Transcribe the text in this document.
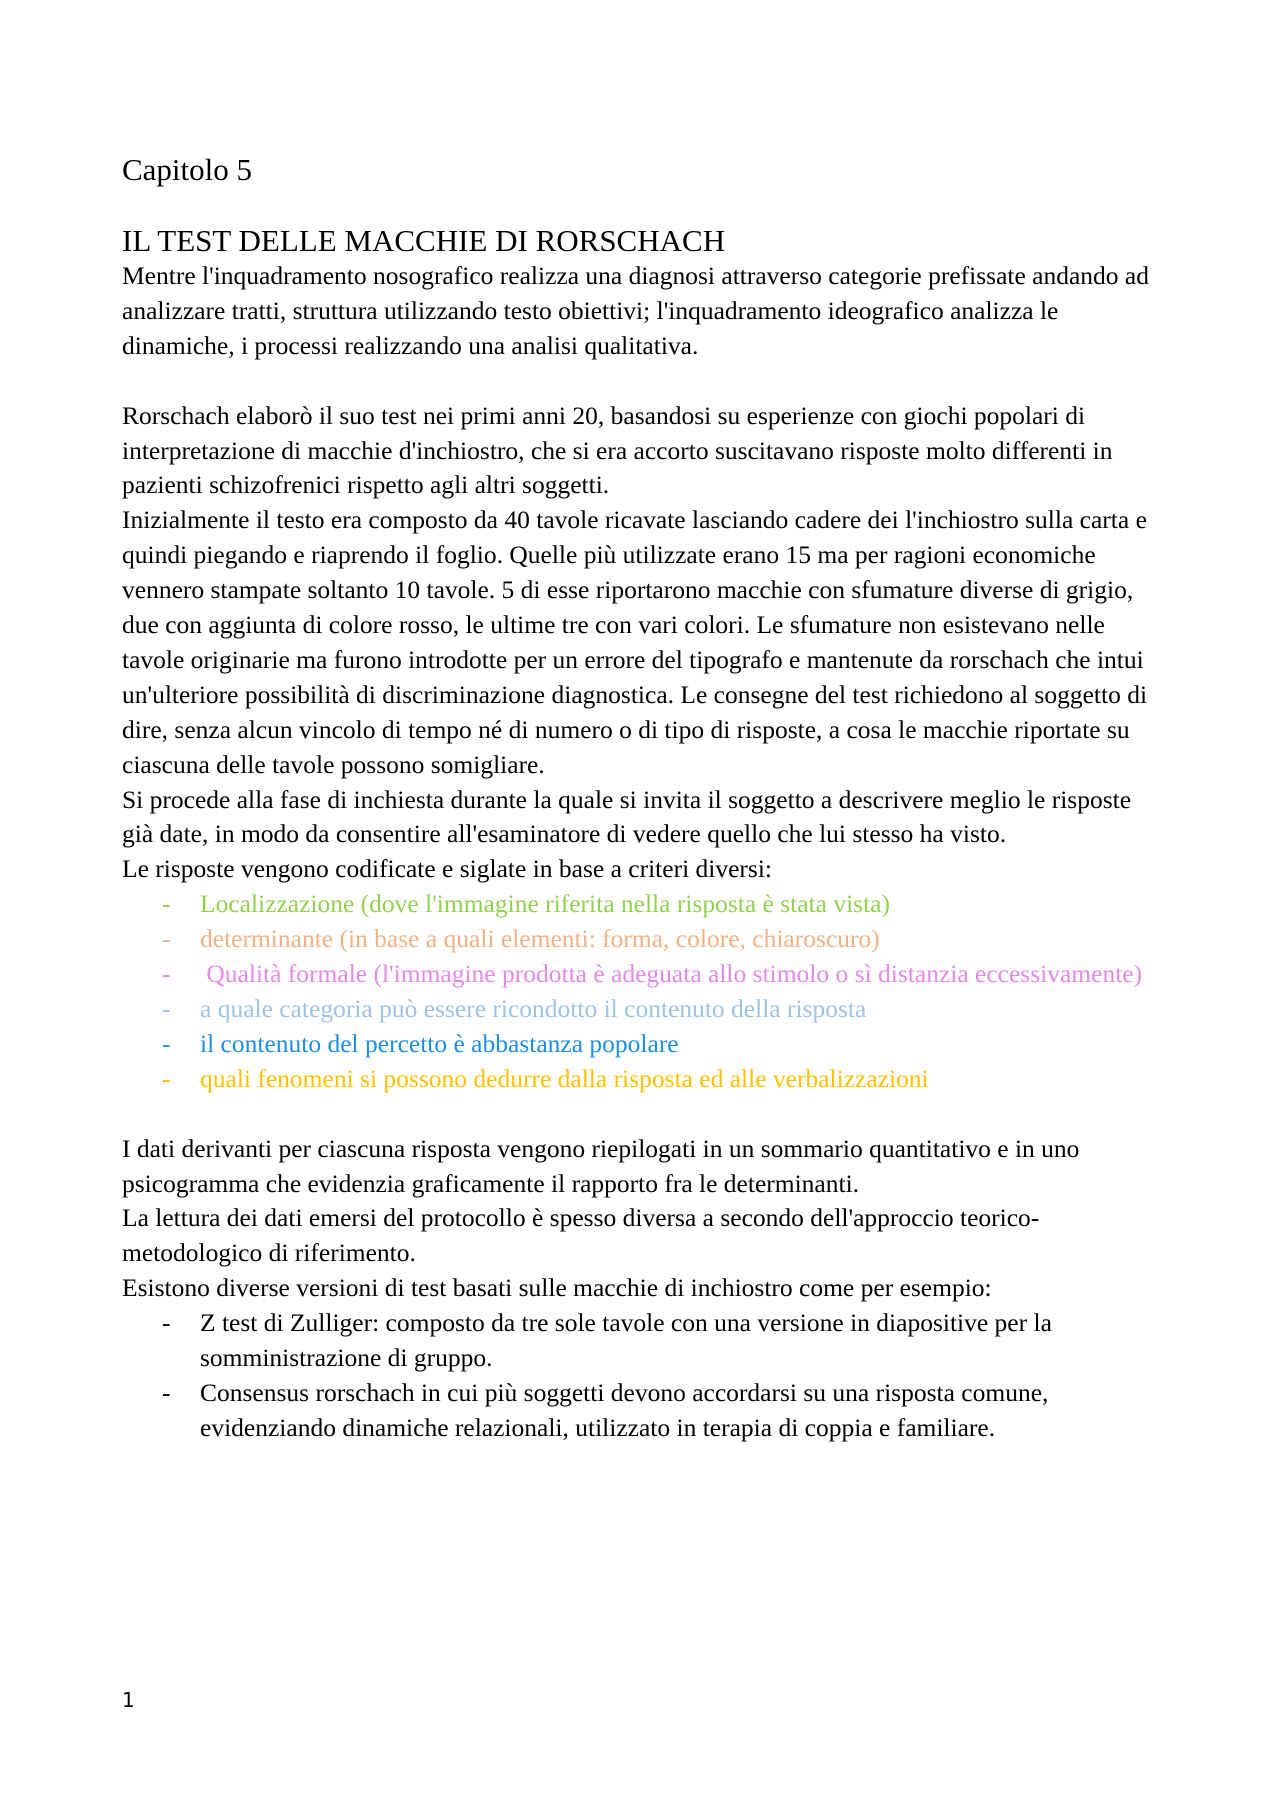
Capitolo 5
IL TEST DELLE MACCHIE DI RORSCHACH

Mentre l'inquadramento nosografico realizza una diagnosi attraverso categorie prefissate andando ad analizzare tratti, struttura utilizzando testo obiettivi; l'inquadramento ideografico analizza le dinamiche, i processi realizzando una analisi qualitativa.

Rorschach elaborò il suo test nei primi anni 20, basandosi su esperienze con giochi popolari di interpretazione di macchie d'inchiostro, che si era accorto suscitavano risposte molto differenti in pazienti schizofrenici rispetto agli altri soggetti.

Inizialmente il testo era composto da 40 tavole ricavate lasciando cadere dei l'inchiostro sulla carta e quindi piegando e riaprendo il foglio. Quelle più utilizzate erano 15 ma per ragioni economiche vennero stampate soltanto 10 tavole. 5 di esse riportarono macchie con sfumature diverse di grigio, due con aggiunta di colore rosso, le ultime tre con vari colori. Le sfumature non esistevano nelle tavole originarie ma furono introdotte per un errore del tipografo e mantenute da rorschach che intui un'ulteriore possibilità di discriminazione diagnostica. Le consegne del test richiedono al soggetto di dire, senza alcun vincolo di tempo né di numero o di tipo di risposte, a cosa le macchie riportate su ciascuna delle tavole possono somigliare.

Si procede alla fase di inchiesta durante la quale si invita il soggetto a descrivere meglio le risposte già date, in modo da consentire all'esaminatore di vedere quello che lui stesso ha visto.

Le risposte vengono codificate e siglate in base a criteri diversi:

- Localizzazione (dove l'immagine riferita nella risposta è stata vista)
- determinante (in base a quali elementi: forma, colore, chiaroscuro)
- Qualità formale (l'immagine prodotta è adeguata allo stimolo o sì distanzia eccessivamente)
- a quale categoria può essere ricondotto il contenuto della risposta
- il contenuto del percetto è abbastanza popolare
- quali fenomeni si possono dedurre dalla risposta ed alle verbalizzazioni

I dati derivanti per ciascuna risposta vengono riepilogati in un sommario quantitativo e in uno psicogramma che evidenzia graficamente il rapporto fra le determinanti.

La lettura dei dati emersi del protocollo è spesso diversa a secondo dell'approccio teorico-metodologico di riferimento.

Esistono diverse versioni di test basati sulle macchie di inchiostro come per esempio:

- Z test di Zulliger: composto da tre sole tavole con una versione in diapositive per la somministrazione di gruppo.
- Consensus rorschach in cui più soggetti devono accordarsi su una risposta comune, evidenziando dinamiche relazionali, utilizzato in terapia di coppia e familiare.
1
